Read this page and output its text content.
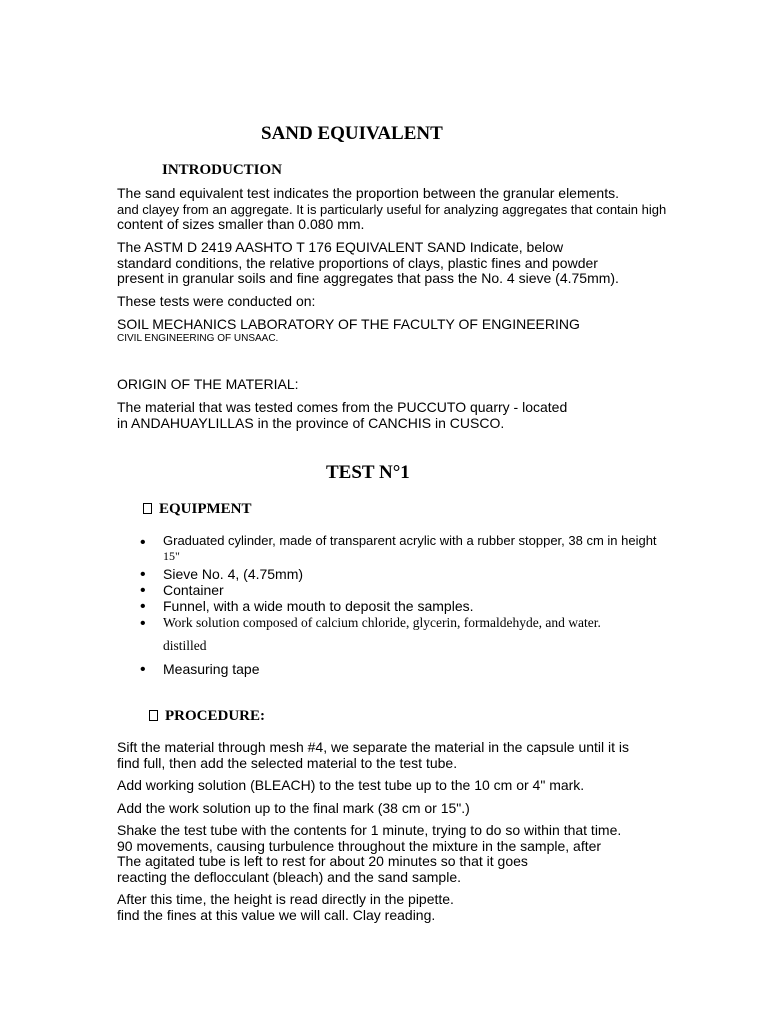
SAND EQUIVALENT
INTRODUCTION
The sand equivalent test indicates the proportion between the granular elements.
and clayey from an aggregate. It is particularly useful for analyzing aggregates that contain high
content of sizes smaller than 0.080 mm.
The ASTM D 2419 AASHTO T 176 EQUIVALENT SAND Indicate, below
standard conditions, the relative proportions of clays, plastic fines and powder
present in granular soils and fine aggregates that pass the No. 4 sieve (4.75mm).
These tests were conducted on:
SOIL MECHANICS LABORATORY OF THE FACULTY OF ENGINEERING
CIVIL ENGINEERING OF UNSAAC.
ORIGIN OF THE MATERIAL:
The material that was tested comes from the PUCCUTO quarry - located
in ANDAHUAYLILLAS in the province of CANCHIS in CUSCO.
TEST N°1
EQUIPMENT
• Graduated cylinder, made of transparent acrylic with a rubber stopper, 38 cm in height
15"
• Sieve No. 4, (4.75mm)
• Container
• Funnel, with a wide mouth to deposit the samples.
• Work solution composed of calcium chloride, glycerin, formaldehyde, and water.
distilled
• Measuring tape
PROCEDURE:
Sift the material through mesh #4, we separate the material in the capsule until it is
find full, then add the selected material to the test tube.
Add working solution (BLEACH) to the test tube up to the 10 cm or 4" mark.
Add the work solution up to the final mark (38 cm or 15".)
Shake the test tube with the contents for 1 minute, trying to do so within that time.
90 movements, causing turbulence throughout the mixture in the sample, after
The agitated tube is left to rest for about 20 minutes so that it goes
reacting the deflocculant (bleach) and the sand sample.
After this time, the height is read directly in the pipette.
find the fines at this value we will call. Clay reading.
